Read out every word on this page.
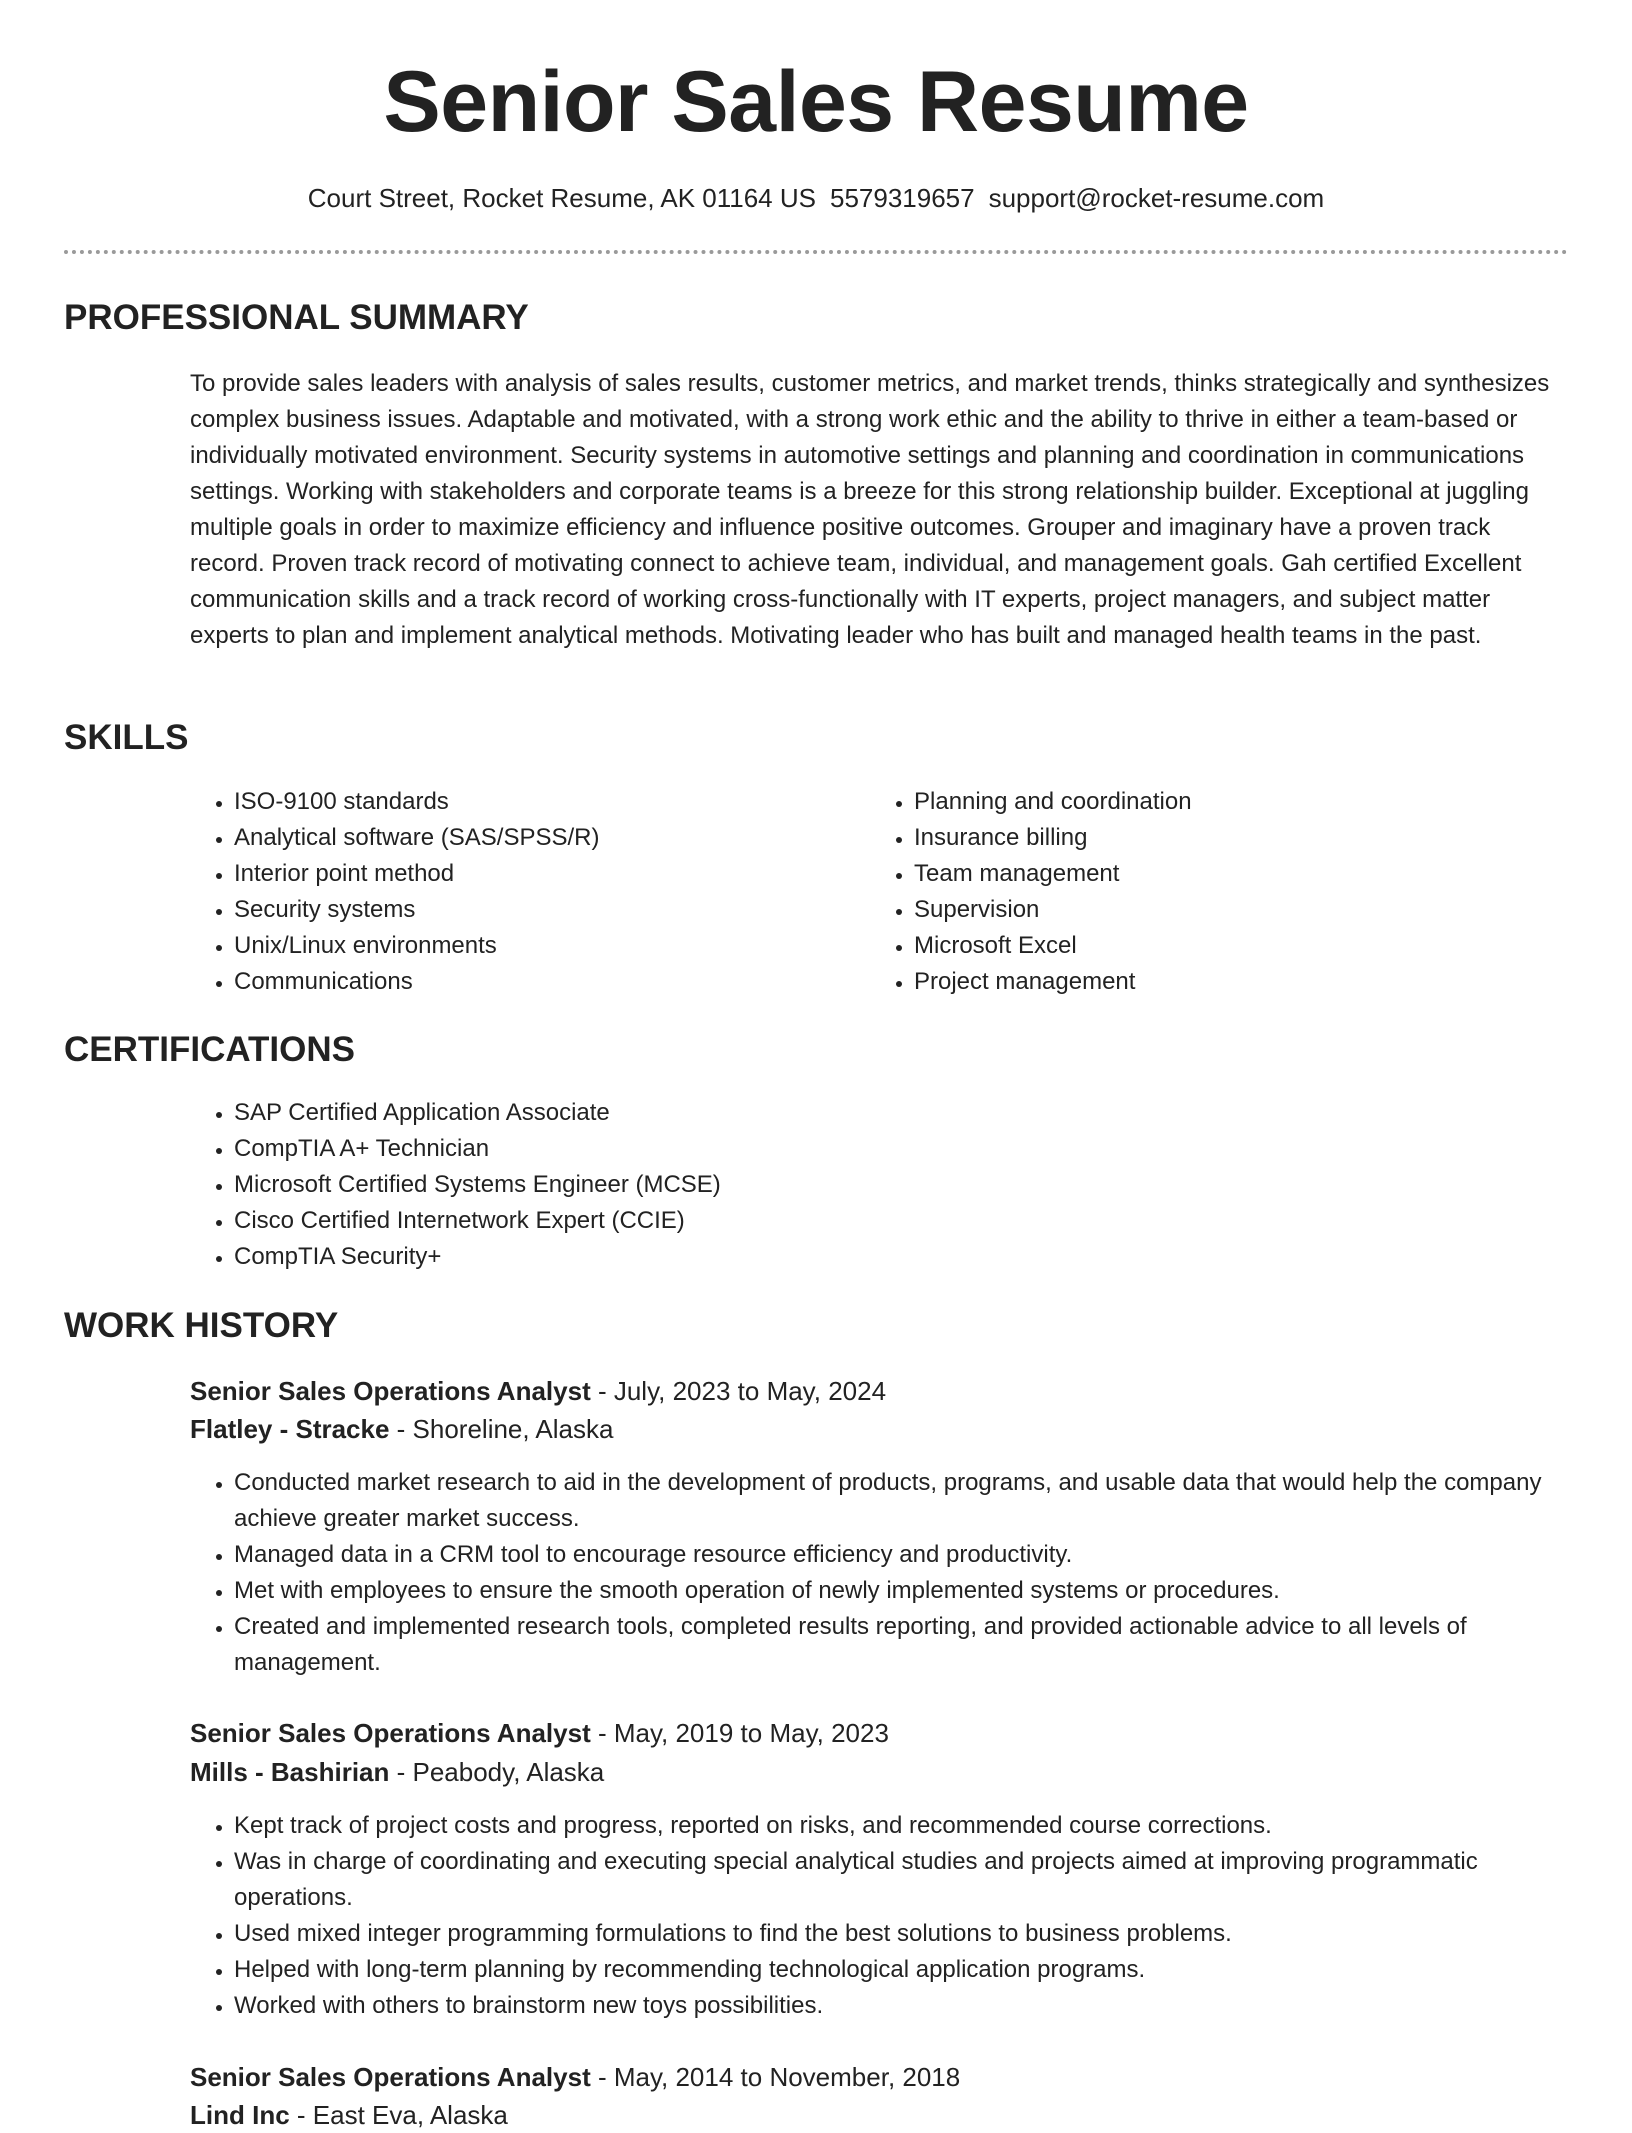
Senior Sales Resume
Court Street, Rocket Resume, AK 01164 US 5579319657 support@rocket-resume.com
PROFESSIONAL SUMMARY

To provide sales leaders with analysis of sales results, customer metrics, and market trends, thinks strategically and synthesizes complex business issues. Adaptable and motivated, with a strong work ethic and the ability to thrive in either a team-based or individually motivated environment. Security systems in automotive settings and planning and coordination in communications settings. Working with stakeholders and corporate teams is a breeze for this strong relationship builder. Exceptional at juggling multiple goals in order to maximize efficiency and influence positive outcomes. Grouper and imaginary have a proven track record. Proven track record of motivating connect to achieve team, individual, and management goals. Gah certified Excellent communication skills and a track record of working cross-functionally with IT experts, project managers, and subject matter experts to plan and implement analytical methods. Motivating leader who has built and managed health teams in the past.

SKILLS
• ISO-9100 standards
• Analytical software (SAS/SPSS/R)
• Interior point method
• Security systems
• Unix/Linux environments
• Communications
• Planning and coordination
• Insurance billing
• Team management
• Supervision
• Microsoft Excel
• Project management
CERTIFICATIONS
• SAP Certified Application Associate
• CompTIA A+ Technician
• Microsoft Certified Systems Engineer (MCSE)
• Cisco Certified Internetwork Expert (CCIE)
• CompTIA Security+
WORK HISTORY
Senior Sales Operations Analyst - July, 2023 to May, 2024
Flatley - Stracke - Shoreline, Alaska
• Conducted market research to aid in the development of products, programs, and usable data that would help the company achieve greater market success.
• Managed data in a CRM tool to encourage resource efficiency and productivity.
• Met with employees to ensure the smooth operation of newly implemented systems or procedures.
• Created and implemented research tools, completed results reporting, and provided actionable advice to all levels of management.
Senior Sales Operations Analyst - May, 2019 to May, 2023
Mills - Bashirian - Peabody, Alaska
• Kept track of project costs and progress, reported on risks, and recommended course corrections.
• Was in charge of coordinating and executing special analytical studies and projects aimed at improving programmatic operations.
• Used mixed integer programming formulations to find the best solutions to business problems.
• Helped with long-term planning by recommending technological application programs.
• Worked with others to brainstorm new toys possibilities.
Senior Sales Operations Analyst - May, 2014 to November, 2018
Lind Inc - East Eva, Alaska
